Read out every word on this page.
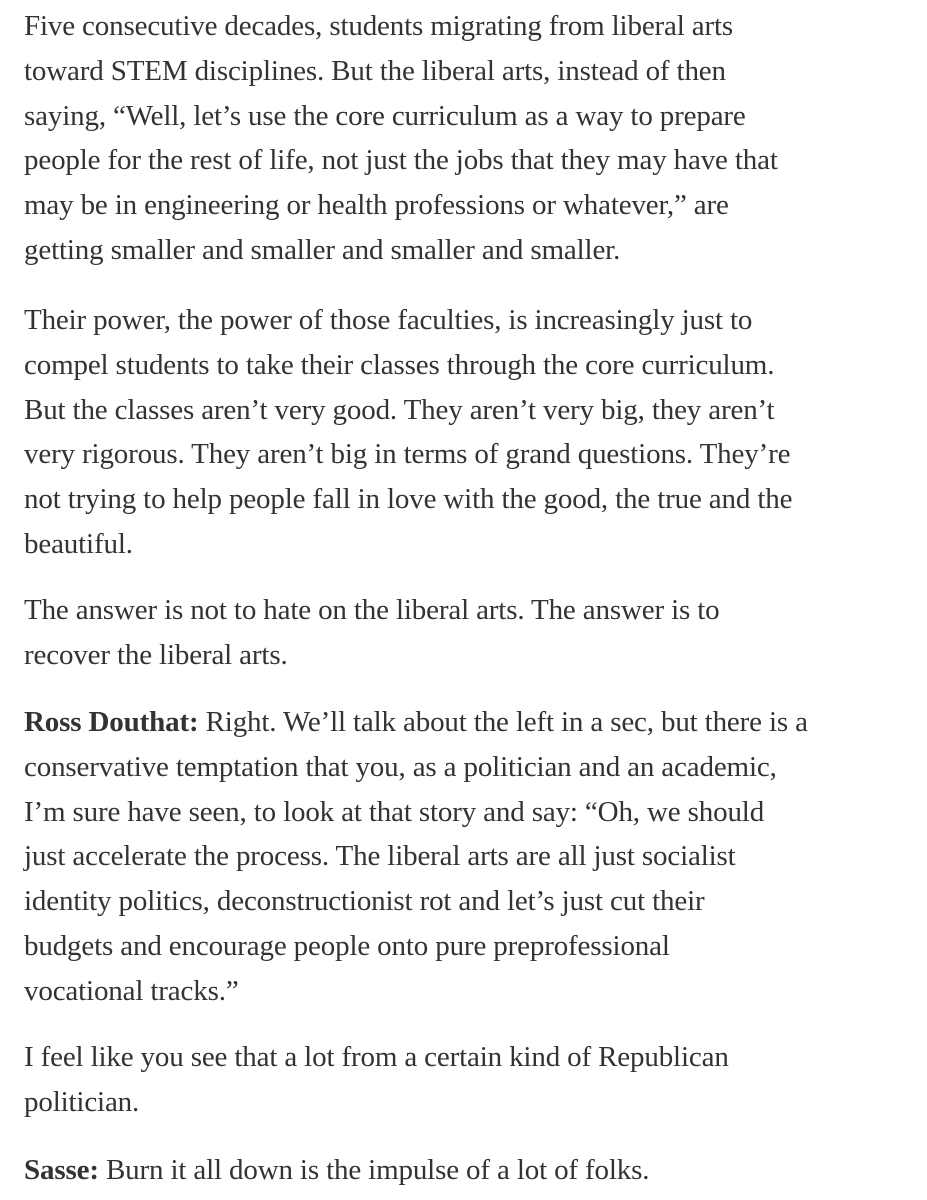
Five consecutive decades, students migrating from liberal arts
toward STEM disciplines. But the liberal arts, instead of then
saying, “Well, let’s use the core curriculum as a way to prepare
people for the rest of life, not just the jobs that they may have that
may be in engineering or health professions or whatever,” are
getting smaller and smaller and smaller and smaller.

Their power, the power of those faculties, is increasingly just to
compel students to take their classes through the core curriculum.
But the classes aren’t very good. They aren’t very big, they aren’t
very rigorous. They aren’t big in terms of grand questions. They’re
not trying to help people fall in love with the good, the true and the
beautiful.

The answer is not to hate on the liberal arts. The answer is to
recover the liberal arts.

Ross Douthat: Right. We’ll talk about the left in a sec, but there is a
conservative temptation that you, as a politician and an academic,
I’m sure have seen, to look at that story and say: “Oh, we should
just accelerate the process. The liberal arts are all just socialist
identity politics, deconstructionist rot and let’s just cut their
budgets and encourage people onto pure preprofessional
vocational tracks.”

I feel like you see that a lot from a certain kind of Republican
politician.

Sasse: Burn it all down is the impulse of a lot of folks.
